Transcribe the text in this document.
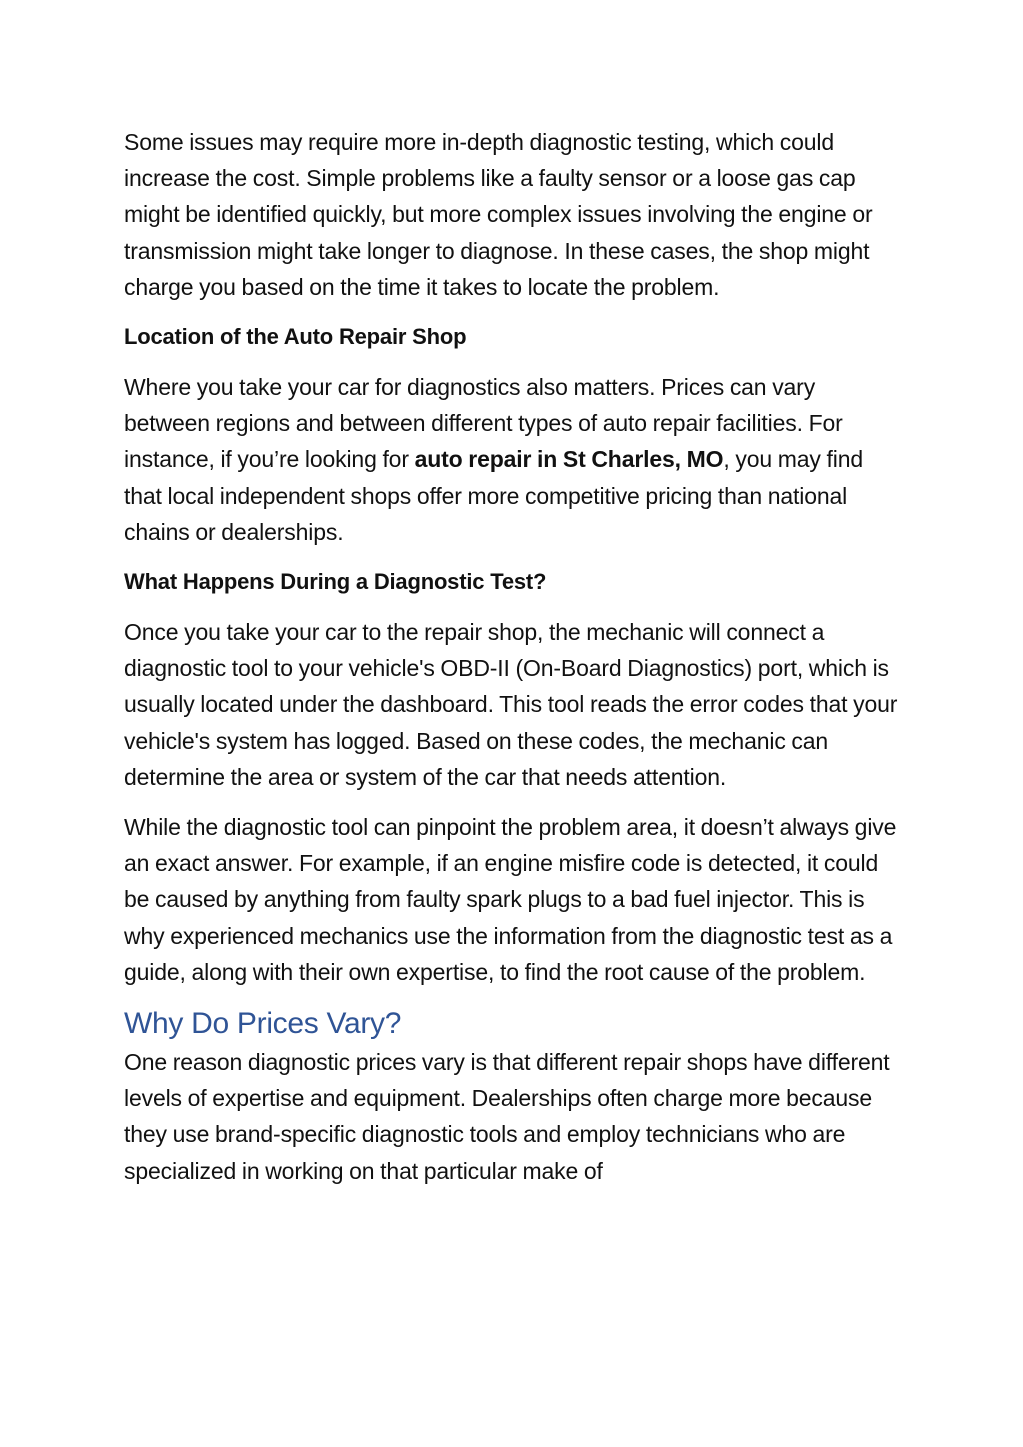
Some issues may require more in-depth diagnostic testing, which could increase the cost. Simple problems like a faulty sensor or a loose gas cap might be identified quickly, but more complex issues involving the engine or transmission might take longer to diagnose. In these cases, the shop might charge you based on the time it takes to locate the problem.

Location of the Auto Repair Shop

Where you take your car for diagnostics also matters. Prices can vary between regions and between different types of auto repair facilities. For instance, if you’re looking for auto repair in St Charles, MO, you may find that local independent shops offer more competitive pricing than national chains or dealerships.

What Happens During a Diagnostic Test?

Once you take your car to the repair shop, the mechanic will connect a diagnostic tool to your vehicle's OBD-II (On-Board Diagnostics) port, which is usually located under the dashboard. This tool reads the error codes that your vehicle's system has logged. Based on these codes, the mechanic can determine the area or system of the car that needs attention.

While the diagnostic tool can pinpoint the problem area, it doesn’t always give an exact answer. For example, if an engine misfire code is detected, it could be caused by anything from faulty spark plugs to a bad fuel injector. This is why experienced mechanics use the information from the diagnostic test as a guide, along with their own expertise, to find the root cause of the problem.

Why Do Prices Vary?

One reason diagnostic prices vary is that different repair shops have different levels of expertise and equipment. Dealerships often charge more because they use brand-specific diagnostic tools and employ technicians who are specialized in working on that particular make of
